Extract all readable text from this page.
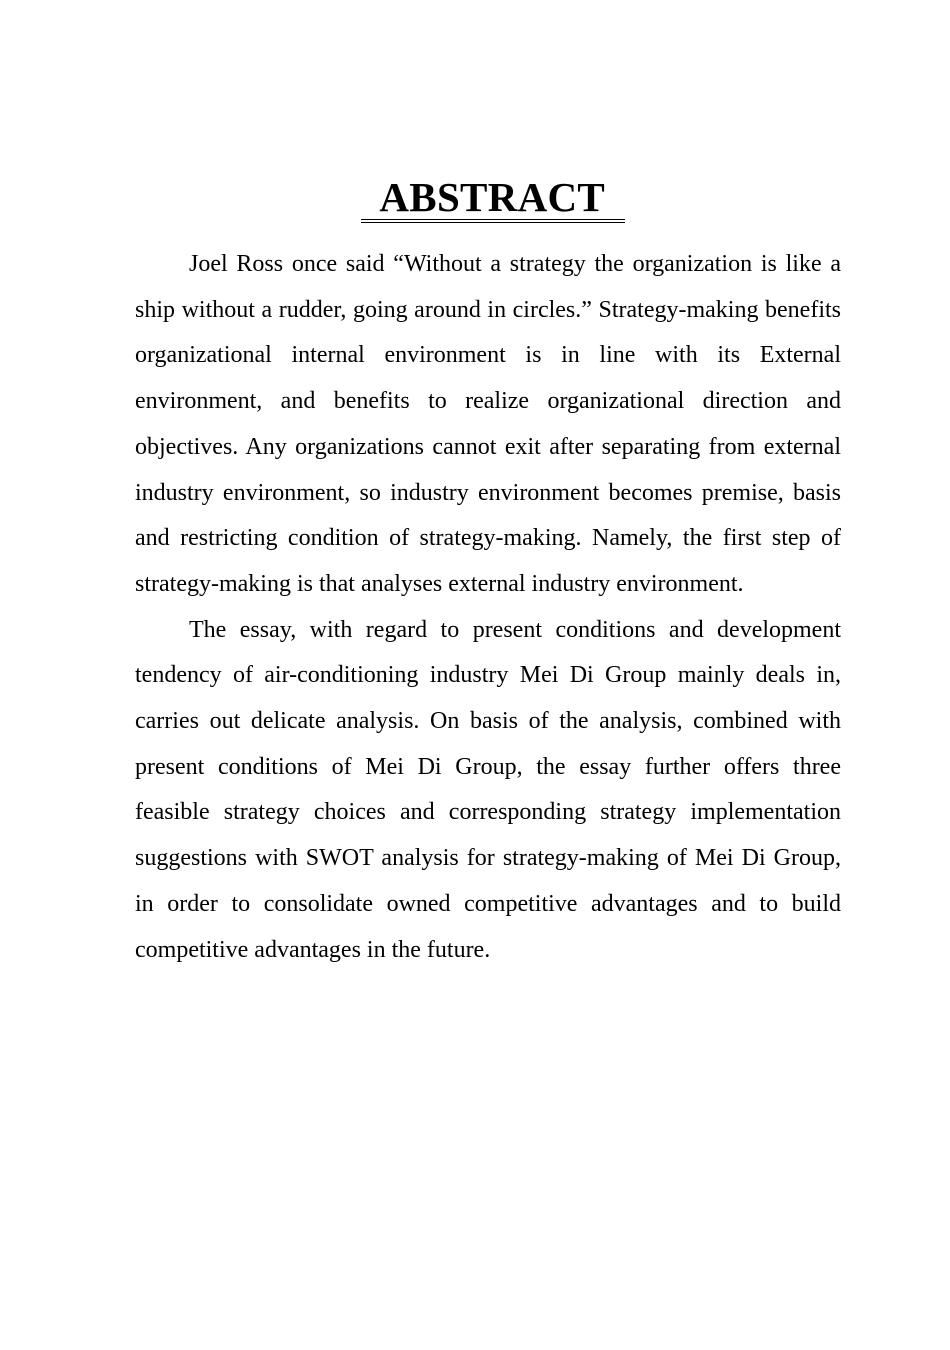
ABSTRACT

Joel Ross once said “Without a strategy the organization is like a ship without a rudder, going around in circles.” Strategy-making benefits organizational internal environment is in line with its External environment, and benefits to realize organizational direction and objectives. Any organizations cannot exit after separating from external industry environment, so industry environment becomes premise, basis and restricting condition of strategy-making. Namely, the first step of strategy-making is that analyses external industry environment.

The essay, with regard to present conditions and development tendency of air-conditioning industry Mei Di Group mainly deals in, carries out delicate analysis. On basis of the analysis, combined with present conditions of Mei Di Group, the essay further offers three feasible strategy choices and corresponding strategy implementation suggestions with SWOT analysis for strategy-making of Mei Di Group, in order to consolidate owned competitive advantages and to build competitive advantages in the future.
